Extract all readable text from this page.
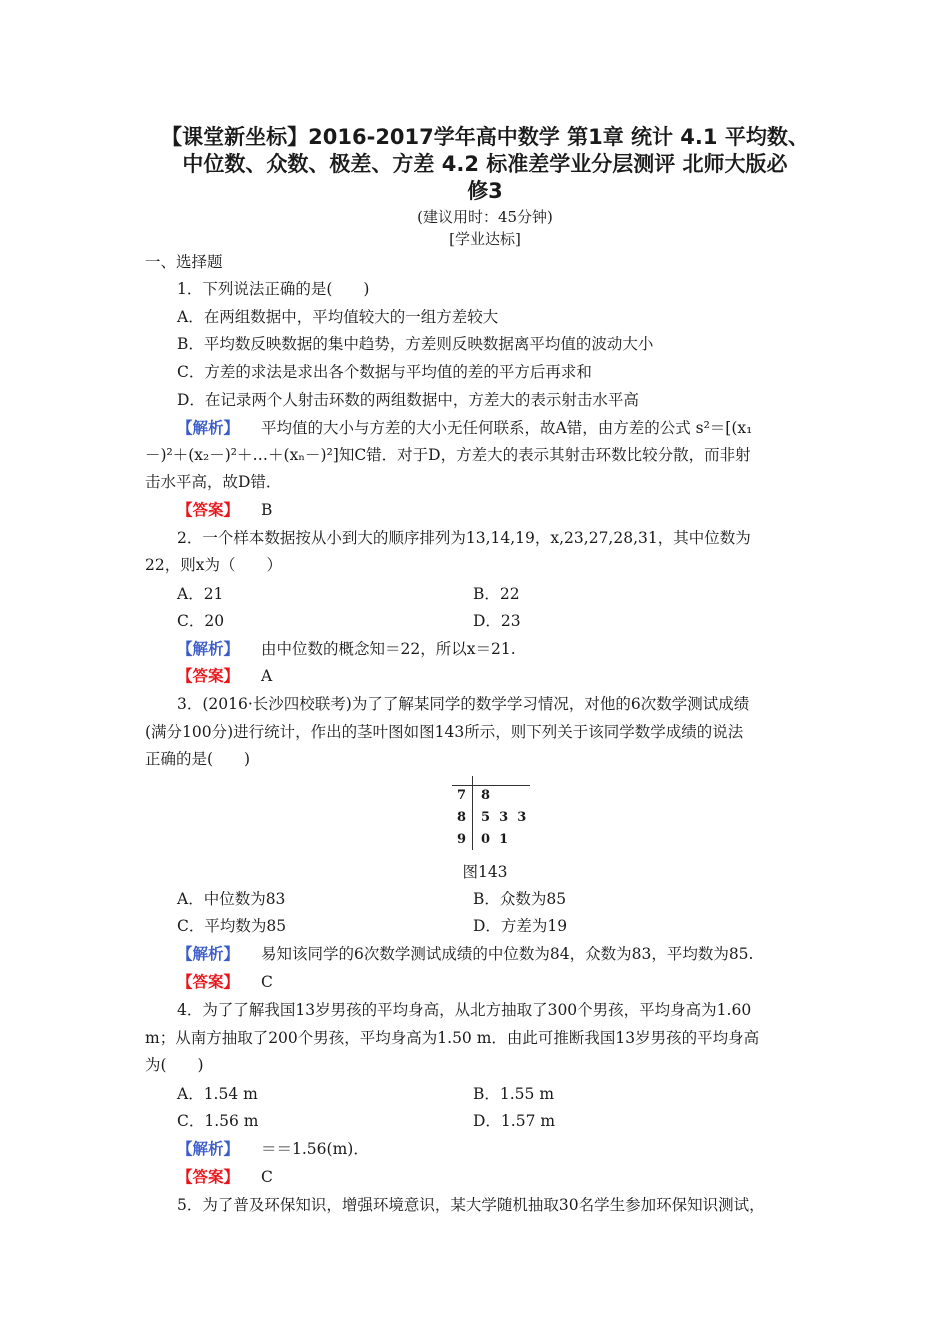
【课堂新坐标】2016-2017学年高中数学 第1章 统计 4.1 平均数、
中位数、众数、极差、方差 4.2 标准差学业分层测评 北师大版必
修3
(建议用时：45分钟)
[学业达标]
一、选择题
1．下列说法正确的是(　　)
A．在两组数据中，平均值较大的一组方差较大
B．平均数反映数据的集中趋势，方差则反映数据离平均值的波动大小
C．方差的求法是求出各个数据与平均值的差的平方后再求和
D．在记录两个人射击环数的两组数据中，方差大的表示射击水平高
【解析】 平均值的大小与方差的大小无任何联系，故A错，由方差的公式 s²＝[(x₁
－)²＋(x₂－)²＋…＋(xₙ－)²]知C错．对于D，方差大的表示其射击环数比较分散，而非射
击水平高，故D错．
【答案】 B
2．一个样本数据按从小到大的顺序排列为13,14,19，x,23,27,28,31，其中位数为
22，则x为（　　）
A．21	B．22
C．20	D．23
【解析】 由中位数的概念知＝22，所以x＝21.
【答案】 A
3．(2016·长沙四校联考)为了了解某同学的数学学习情况，对他的6次数学测试成绩
(满分100分)进行统计，作出的茎叶图如图143所示，则下列关于该同学数学成绩的说法
正确的是(　　)
7 8
8 5  3  3
9 0  1
图143
A．中位数为83	B．众数为85
C．平均数为85	D．方差为19
【解析】 易知该同学的6次数学测试成绩的中位数为84，众数为83，平均数为85.
【答案】 C
4．为了了解我国13岁男孩的平均身高，从北方抽取了300个男孩，平均身高为1.60
m；从南方抽取了200个男孩，平均身高为1.50 m．由此可推断我国13岁男孩的平均身高
为(　　)
A．1.54 m	B．1.55 m
C．1.56 m	D．1.57 m
【解析】 ＝＝1.56(m)．
【答案】 C
5．为了普及环保知识，增强环境意识，某大学随机抽取30名学生参加环保知识测试，
